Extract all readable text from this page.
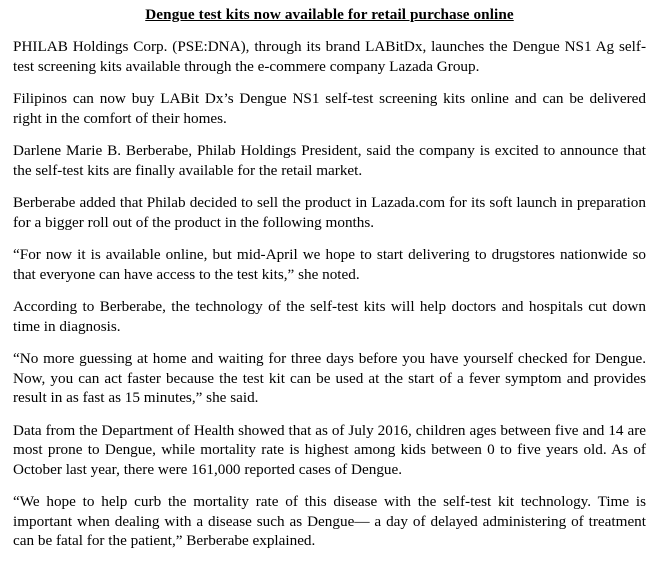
Dengue test kits now available for retail purchase online

PHILAB Holdings Corp. (PSE:DNA), through its brand LABitDx, launches the Dengue NS1 Ag self-test screening kits available through the e-commere company Lazada Group.

Filipinos can now buy LABit Dx’s Dengue NS1 self-test screening kits online and can be delivered right in the comfort of their homes.

Darlene Marie B. Berberabe, Philab Holdings President, said the company is excited to announce that the self-test kits are finally available for the retail market.

Berberabe added that Philab decided to sell the product in Lazada.com for its soft launch in preparation for a bigger roll out of the product in the following months.

“For now it is available online, but mid-April we hope to start delivering to drugstores nationwide so that everyone can have access to the test kits,” she noted.

According to Berberabe, the technology of the self-test kits will help doctors and hospitals cut down time in diagnosis.

“No more guessing at home and waiting for three days before you have yourself checked for Dengue. Now, you can act faster because the test kit can be used at the start of a fever symptom and provides result in as fast as 15 minutes,” she said.

Data from the Department of Health showed that as of July 2016, children ages between five and 14 are most prone to Dengue, while mortality rate is highest among kids between 0 to five years old. As of October last year, there were 161,000 reported cases of Dengue.

“We hope to help curb the mortality rate of this disease with the self-test kit technology. Time is important when dealing with a disease such as Dengue— a day of delayed administering of treatment can be fatal for the patient,” Berberabe explained.
